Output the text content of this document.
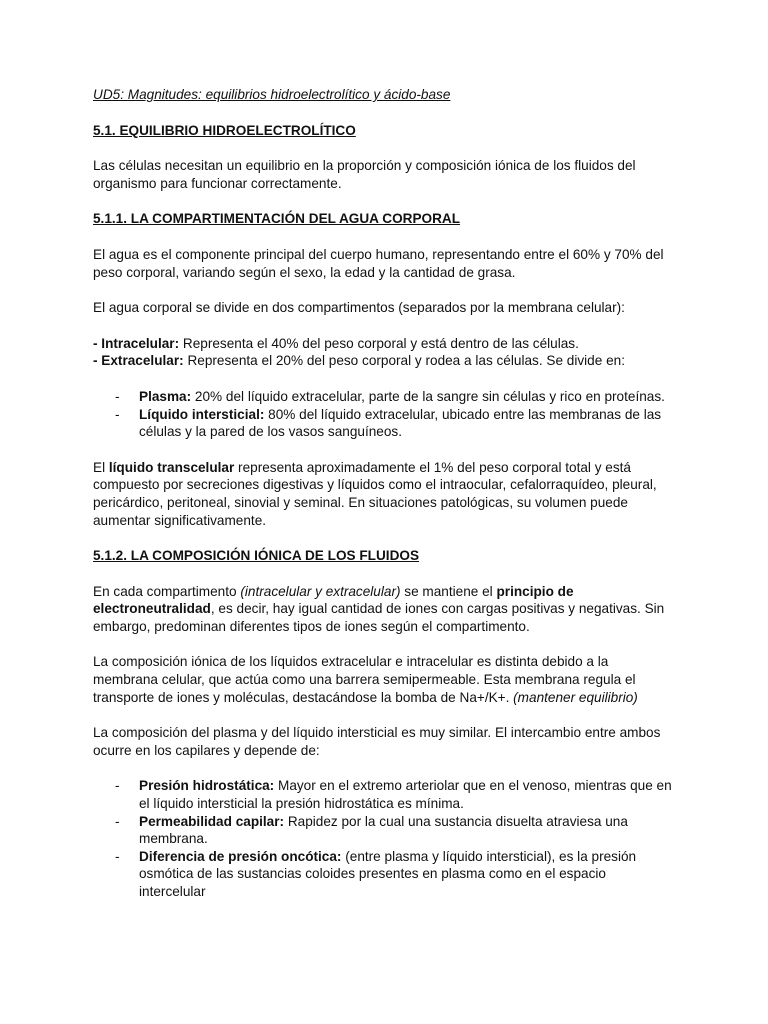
UD5: Magnitudes: equilibrios hidroelectrolítico y ácido-base

5.1. EQUILIBRIO HIDROELECTROLÍTICO

Las células necesitan un equilibrio en la proporción y composición iónica de los fluidos del organismo para funcionar correctamente.

5.1.1. LA COMPARTIMENTACIÓN DEL AGUA CORPORAL

El agua es el componente principal del cuerpo humano, representando entre el 60% y 70% del peso corporal, variando según el sexo, la edad y la cantidad de grasa.

El agua corporal se divide en dos compartimentos (separados por la membrana celular):

- Intracelular: Representa el 40% del peso corporal y está dentro de las células.

- Extracelular: Representa el 20% del peso corporal y rodea a las células. Se divide en:

- Plasma: 20% del líquido extracelular, parte de la sangre sin células y rico en proteínas.
- Líquido intersticial: 80% del líquido extracelular, ubicado entre las membranas de las células y la pared de los vasos sanguíneos.

El líquido transcelular representa aproximadamente el 1% del peso corporal total y está compuesto por secreciones digestivas y líquidos como el intraocular, cefalorraquídeo, pleural, pericárdico, peritoneal, sinovial y seminal. En situaciones patológicas, su volumen puede aumentar significativamente.

5.1.2. LA COMPOSICIÓN IÓNICA DE LOS FLUIDOS

En cada compartimento (intracelular y extracelular) se mantiene el principio de electroneutralidad, es decir, hay igual cantidad de iones con cargas positivas y negativas. Sin embargo, predominan diferentes tipos de iones según el compartimento.

La composición iónica de los líquidos extracelular e intracelular es distinta debido a la membrana celular, que actúa como una barrera semipermeable. Esta membrana regula el transporte de iones y moléculas, destacándose la bomba de Na+/K+. (mantener equilibrio)

La composición del plasma y del líquido intersticial es muy similar. El intercambio entre ambos ocurre en los capilares y depende de:

- Presión hidrostática: Mayor en el extremo arteriolar que en el venoso, mientras que en el líquido intersticial la presión hidrostática es mínima.
- Permeabilidad capilar: Rapidez por la cual una sustancia disuelta atraviesa una membrana.
- Diferencia de presión oncótica: (entre plasma y líquido intersticial), es la presión osmótica de las sustancias coloides presentes en plasma como en el espacio intercelular
